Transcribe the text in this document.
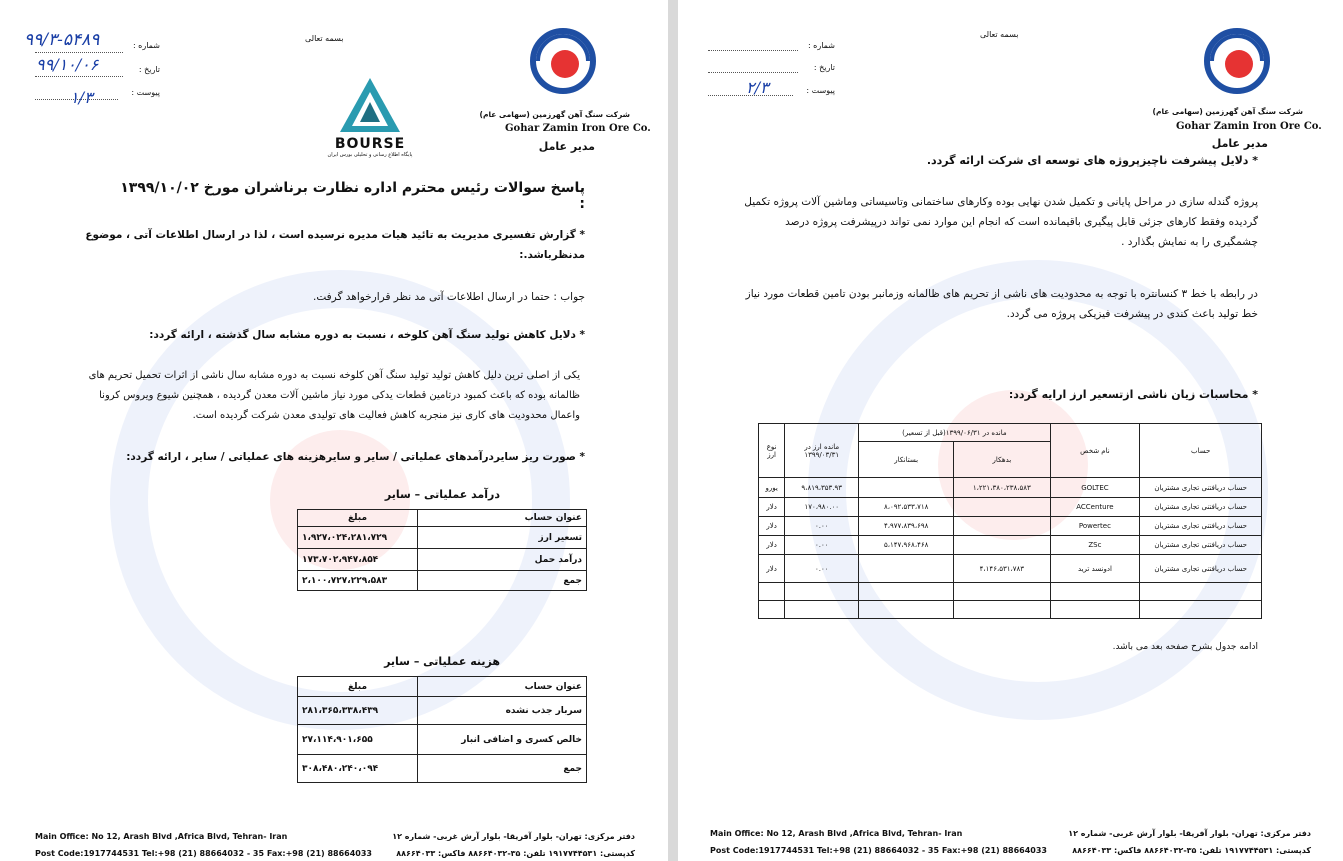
بسمه تعالی
شماره :
۹۹/۳-۵۴۸۹
تاریخ :
۹۹/۱۰/۰۶
پیوست :
۱/۳
BOURSE
پایگاه اطلاع رسانی و تحلیلی بورس ایران
شرکت سنگ آهن گهرزمین (سهامی عام)
Gohar Zamin Iron Ore Co.
مدیر عامل
پاسخ سوالات رئیس محترم اداره نظارت برناشران مورخ ۱۳۹۹/۱۰/۰۲ :
* گزارش تفسیری مدیریت به تائید هیات مدیره نرسیده است ، لذا در ارسال اطلاعات آتی ، موضوع مدنظرباشد.:
جواب : حتما در ارسال اطلاعات آتی مد نظر قرارخواهد گرفت.
* دلایل کاهش تولید سنگ آهن کلوخه ، نسبت به دوره مشابه سال گذشته ، ارائه گردد:
یکی از اصلی ترین دلیل کاهش تولید تولید سنگ آهن کلوخه نسبت به دوره مشابه سال ناشی از اثرات تحمیل تحریم های ظالمانه بوده که باعث کمبود درتامین قطعات یدکی مورد نیاز ماشین آلات معدن گردیده ، همچنین شیوع ویروس کرونا واعمال محدودیت های کاری نیز منجربه کاهش فعالیت های تولیدی معدن شرکت گردیده است.
* صورت ریز سایردرآمدهای عملیاتی / سایر و سایرهزینه های عملیاتی / سایر ، ارائه گردد:
درآمد عملیاتی – سایر
عنوان حساب	مبلغ
تسعیر ارز	۱،۹۲۷،۰۲۴،۲۸۱،۷۲۹
درآمد حمل	۱۷۳،۷۰۲،۹۴۷،۸۵۴
جمع	۲،۱۰۰،۷۲۷،۲۲۹،۵۸۳
هزینه عملیاتی – سایر
عنوان حساب	مبلغ
سربار جذب نشده	۲۸۱،۳۶۵،۳۳۸،۴۳۹
خالص کسری و اضافی انبار	۲۷،۱۱۴،۹۰۱،۶۵۵
جمع	۳۰۸،۴۸۰،۲۴۰،۰۹۴
Main Office: No 12, Arash Blvd ,Africa Blvd, Tehran- Iran
Post Code:1917744531 Tel:+98 (21) 88664032 - 35 Fax:+98 (21) 88664033
دفتر مرکزی: تهران- بلوار آفریقا- بلوار آرش غربی- شماره ۱۲
کدپستی: ۱۹۱۷۷۴۴۵۳۱ تلفن: ۳۵-۸۸۶۶۴۰۳۲ فاکس: ۸۸۶۶۴۰۳۳
بسمه تعالی
شماره :
تاریخ :
پیوست :
۲/۳
شرکت سنگ آهن گهرزمین (سهامی عام)
Gohar Zamin Iron Ore Co.
مدیر عامل
* دلایل پیشرفت ناچیزپروژه های توسعه ای شرکت ارائه گردد.
پروژه گندله سازی در مراحل پایانی و تکمیل شدن نهایی بوده وکارهای ساختمانی وتاسیساتی وماشین آلات پروژه تکمیل گردیده وفقط کارهای جزئی قابل پیگیری باقیمانده است که انجام این موارد نمی تواند درپیشرفت پروژه درصد چشمگیری را به نمایش بگذارد .
در رابطه با خط ۳ کنسانتره با توجه به محدودیت های ناشی از تحریم های ظالمانه وزمانبر بودن تامین قطعات مورد نیاز خط تولید باعث کندی در پیشرفت فیزیکی پروژه می گردد.
* محاسبات زیان ناشی ازتسعیر ارز ارایه گردد:
حساب	نام شخص	مانده در ۱۳۹۹/۰۶/۳۱(قبل از تسعیر)		مانده ارز در ۱۳۹۹/۰۳/۳۱	نوع ارز
		بدهکار	بستانکار		
حساب دریافتنی تجاری مشتریان	GOLTEC	۱،۲۲۱،۳۸۰،۲۳۸،۵۸۳		۹،۸۱۹،۳۵۳.۹۳	یورو
حساب دریافتنی تجاری مشتریان	ACCenture		۸،۰۹۲،۵۳۳،۷۱۸	۱۷۰،۹۸۰.۰۰	دلار
حساب دریافتنی تجاری مشتریان	Powertec		۴،۹۷۷،۸۳۹،۶۹۸	۰.۰۰	دلار
حساب دریافتنی تجاری مشتریان	ZSc		۵،۱۴۷،۹۶۸،۴۶۸	۰.۰۰	دلار
حساب دریافتنی تجاری مشتریان	ادونسد ترید	۴،۱۴۶،۵۳۱،۷۸۳		۰.۰۰	دلار

ادامه جدول بشرح صفحه بعد می باشد.
Main Office: No 12, Arash Blvd ,Africa Blvd, Tehran- Iran
Post Code:1917744531 Tel:+98 (21) 88664032 - 35 Fax:+98 (21) 88664033
دفتر مرکزی: تهران- بلوار آفریقا- بلوار آرش غربی- شماره ۱۲
کدپستی: ۱۹۱۷۷۴۴۵۳۱ تلفن: ۳۵-۸۸۶۶۴۰۳۲ فاکس: ۸۸۶۶۴۰۳۳
